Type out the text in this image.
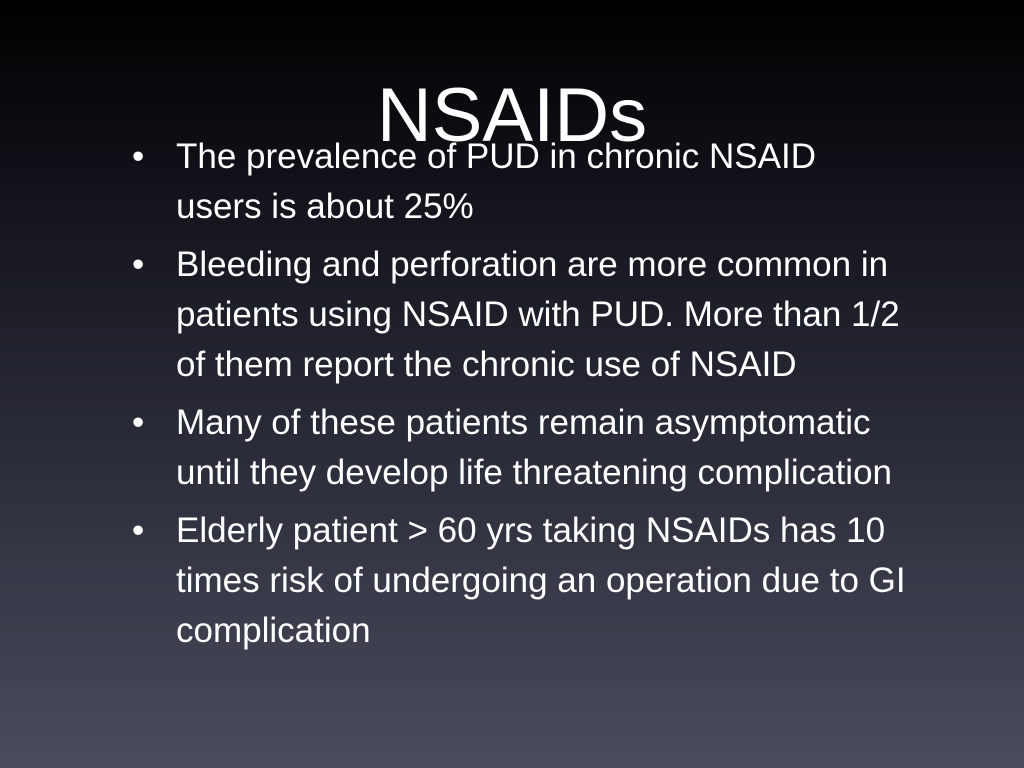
NSAIDs
• The prevalence of PUD in chronic NSAID users is about 25%
• Bleeding and perforation are more common in patients using NSAID with PUD. More than 1/2 of them report the chronic use of NSAID
• Many of these patients remain asymptomatic until they develop life threatening complication
• Elderly patient > 60 yrs taking NSAIDs has 10 times risk of undergoing an operation due to GI complication
